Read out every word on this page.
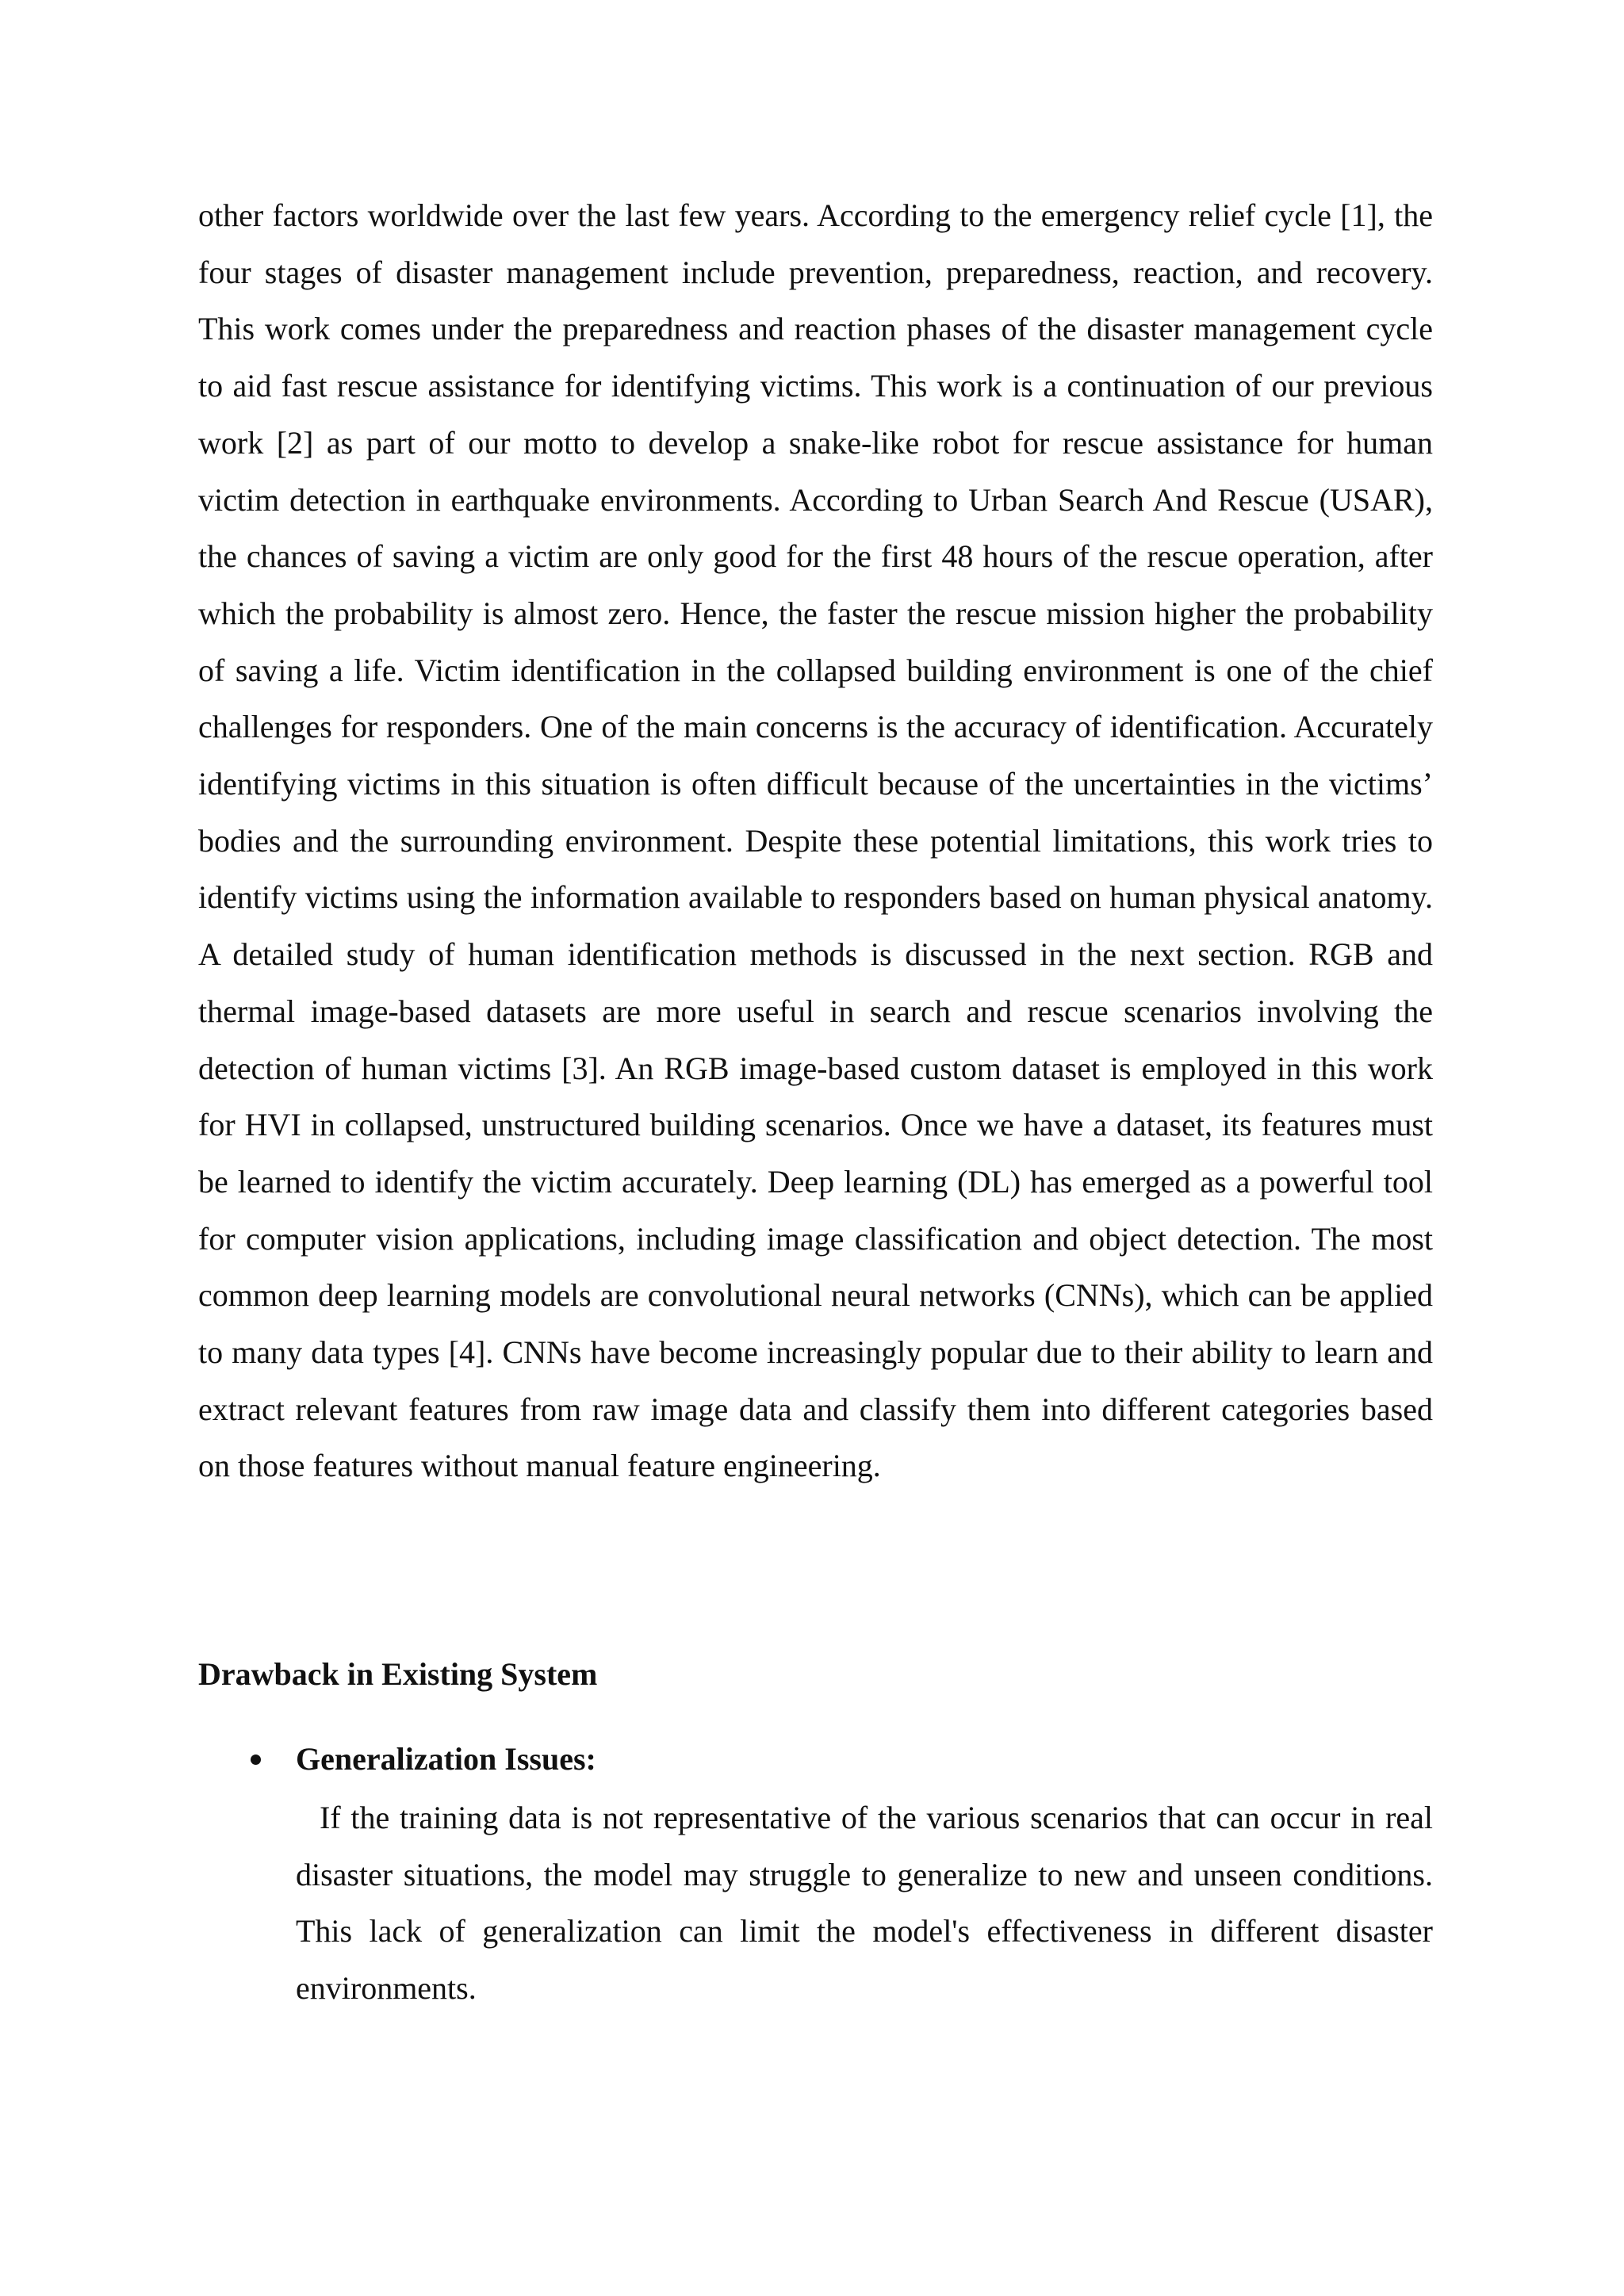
other factors worldwide over the last few years. According to the emergency relief cycle [1], the four stages of disaster management include prevention, preparedness, reaction, and recovery. This work comes under the preparedness and reaction phases of the disaster management cycle to aid fast rescue assistance for identifying victims. This work is a continuation of our previous work [2] as part of our motto to develop a snake-like robot for rescue assistance for human victim detection in earthquake environments. According to Urban Search And Rescue (USAR), the chances of saving a victim are only good for the first 48 hours of the rescue operation, after which the probability is almost zero. Hence, the faster the rescue mission higher the probability of saving a life. Victim identification in the collapsed building environment is one of the chief challenges for responders. One of the main concerns is the accuracy of identification. Accurately identifying victims in this situation is often difficult because of the uncertainties in the victims’ bodies and the surrounding environment. Despite these potential limitations, this work tries to identify victims using the information available to responders based on human physical anatomy. A detailed study of human identification methods is discussed in the next section. RGB and thermal image-based datasets are more useful in search and rescue scenarios involving the detection of human victims [3]. An RGB image-based custom dataset is employed in this work for HVI in collapsed, unstructured building scenarios. Once we have a dataset, its features must be learned to identify the victim accurately. Deep learning (DL) has emerged as a powerful tool for computer vision applications, including image classification and object detection. The most common deep learning models are convolutional neural networks (CNNs), which can be applied to many data types [4]. CNNs have become increasingly popular due to their ability to learn and extract relevant features from raw image data and classify them into different categories based on those features without manual feature engineering.

Drawback in Existing System
Generalization Issues:
If the training data is not representative of the various scenarios that can occur in real disaster situations, the model may struggle to generalize to new and unseen conditions. This lack of generalization can limit the model's effectiveness in different disaster environments.
